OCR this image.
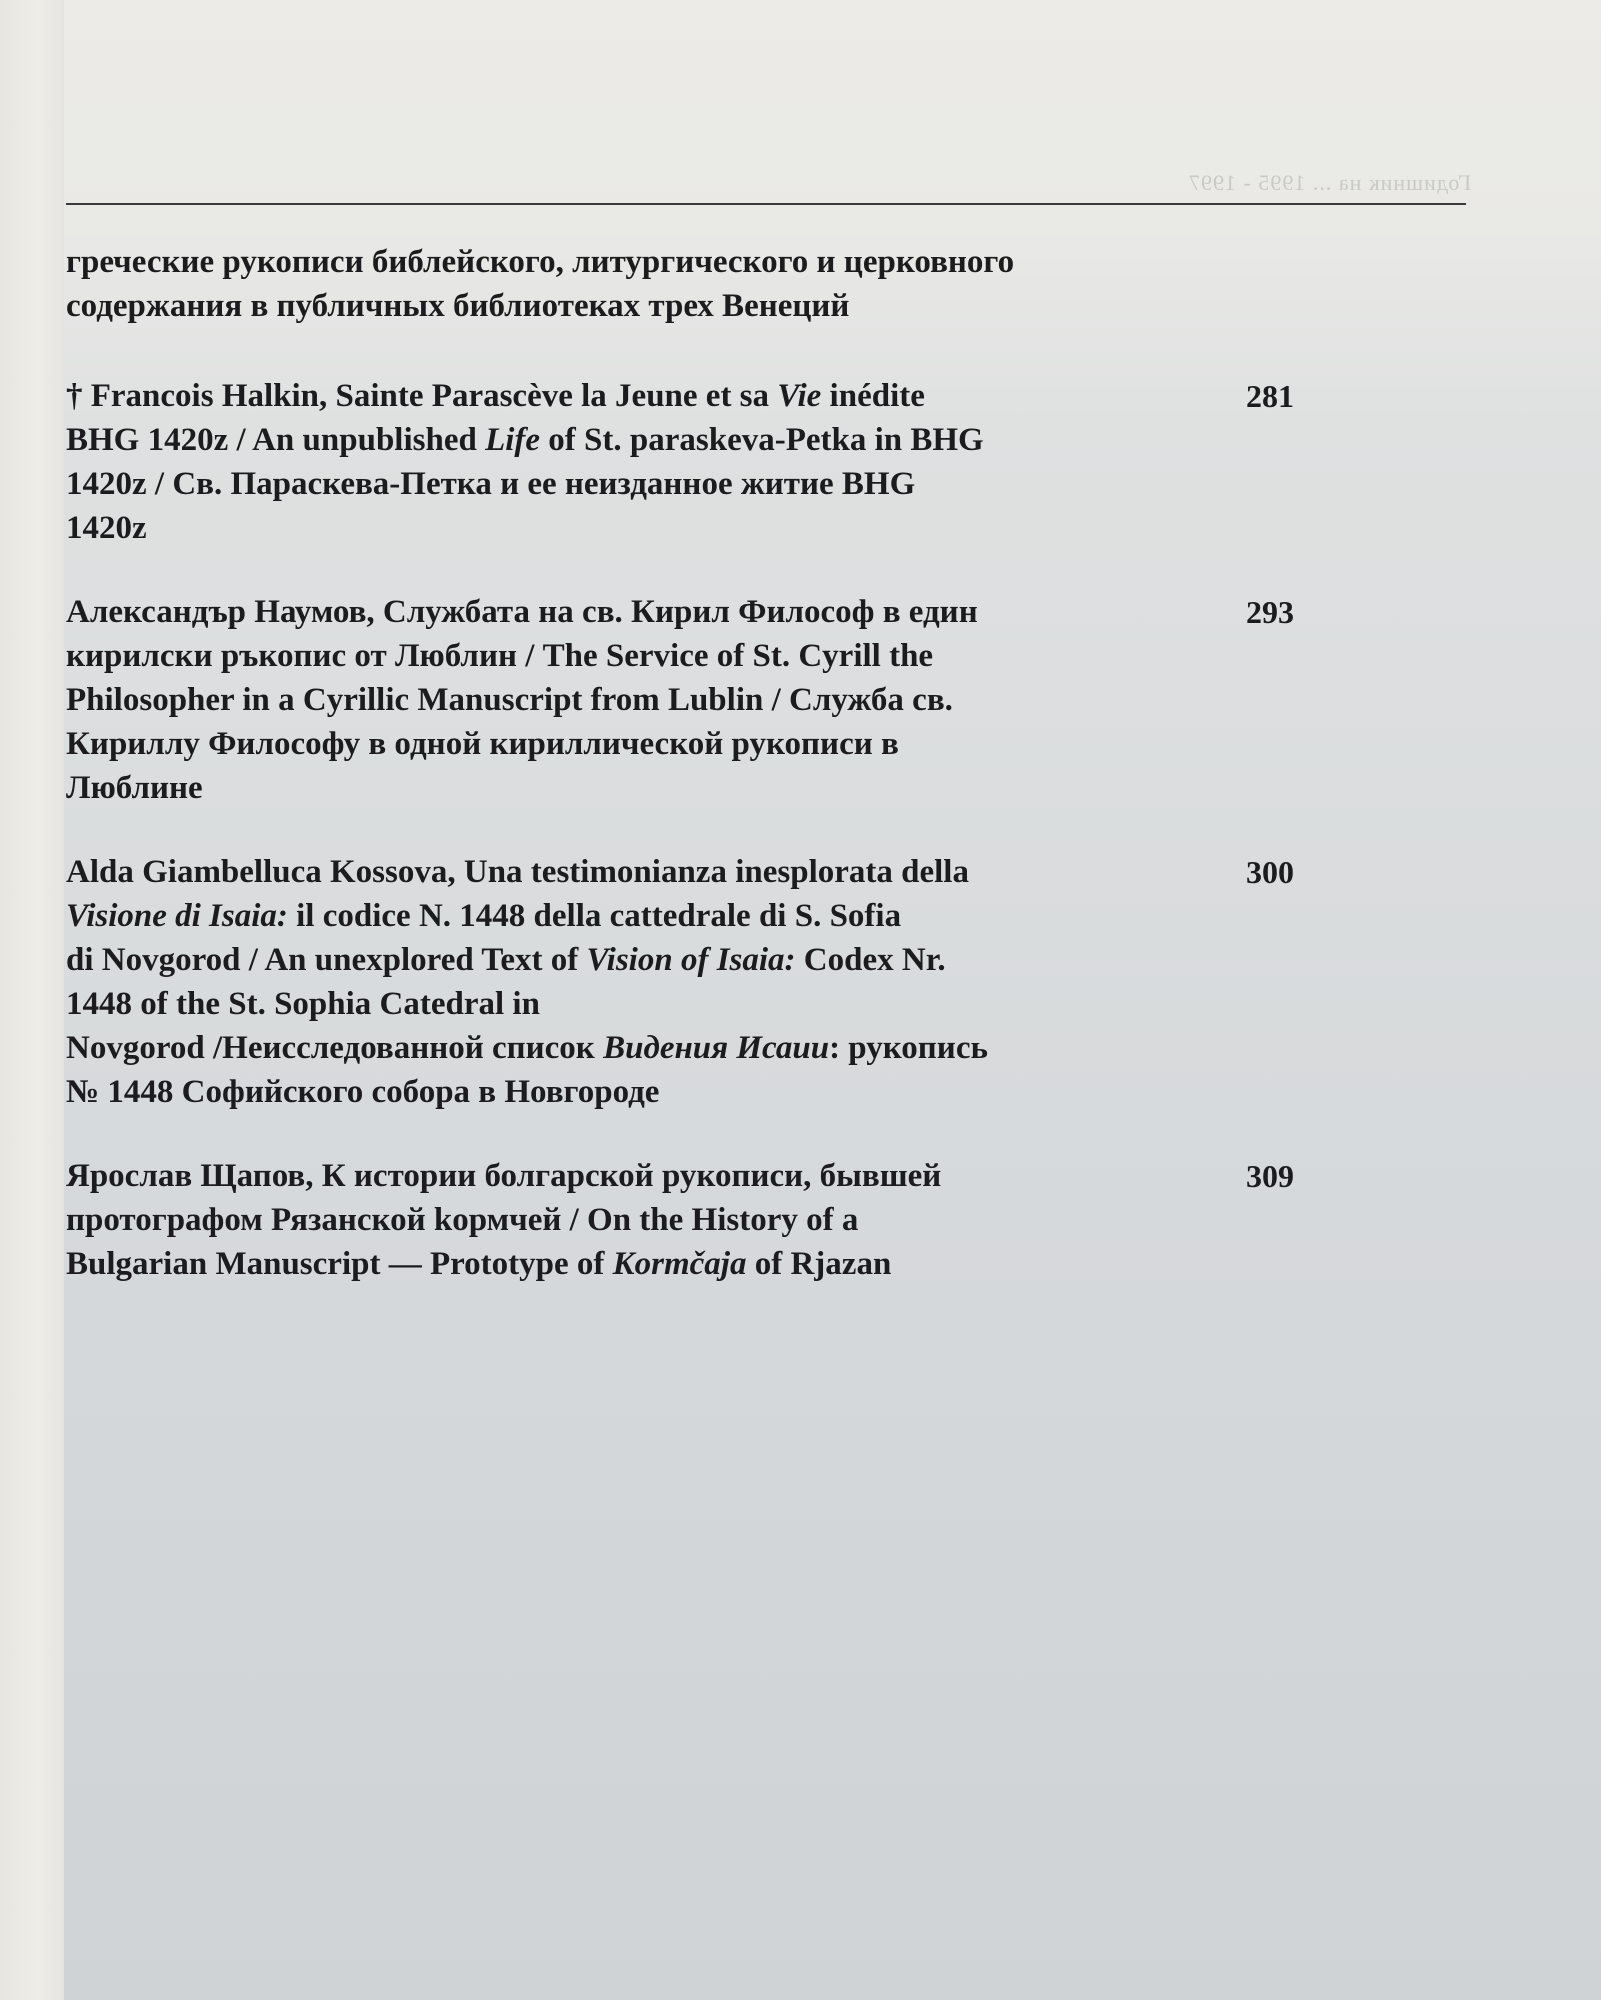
Годишник на ... 1995 - 1997
греческие рукописи библейского, литургического и церковного
содержания в публичных библиотеках трех Венеций
† Francois Halkin, Sainte Parascève la Jeune et sa Vie inédite
BHG 1420z / An unpublished Life of St. paraskeva-Petka in BHG
1420z / Св. Параскева-Петка и ее неизданное житие BHG
1420z
281
Александър Наумов, Службата на св. Кирил Философ в един
кирилски ръкопис от Люблин / The Service of St. Cyrill the
Philosopher in a Cyrillic Manuscript from Lublin / Служба св.
Кириллу Философу в одной кириллической рукописи в
Люблине
293
Alda Giambelluca Kossova, Una testimonianza inesplorata della
Visione di Isaia: il codice N. 1448 della cattedrale di S. Sofia
di Novgorod / An unexplored Text of Vision of Isaia: Codex Nr.
1448 of the St. Sophia Catedral in
Novgorod /Неисследованной список Видения Исаии: рукопись
№ 1448 Софийского собора в Новгороде
300
Ярослав Щапов, К истории болгарской рукописи, бывшей
протографом Рязанской kормчей / On the History of a
Bulgarian Manuscript — Prototype of Kormčaja of Rjazan
309
